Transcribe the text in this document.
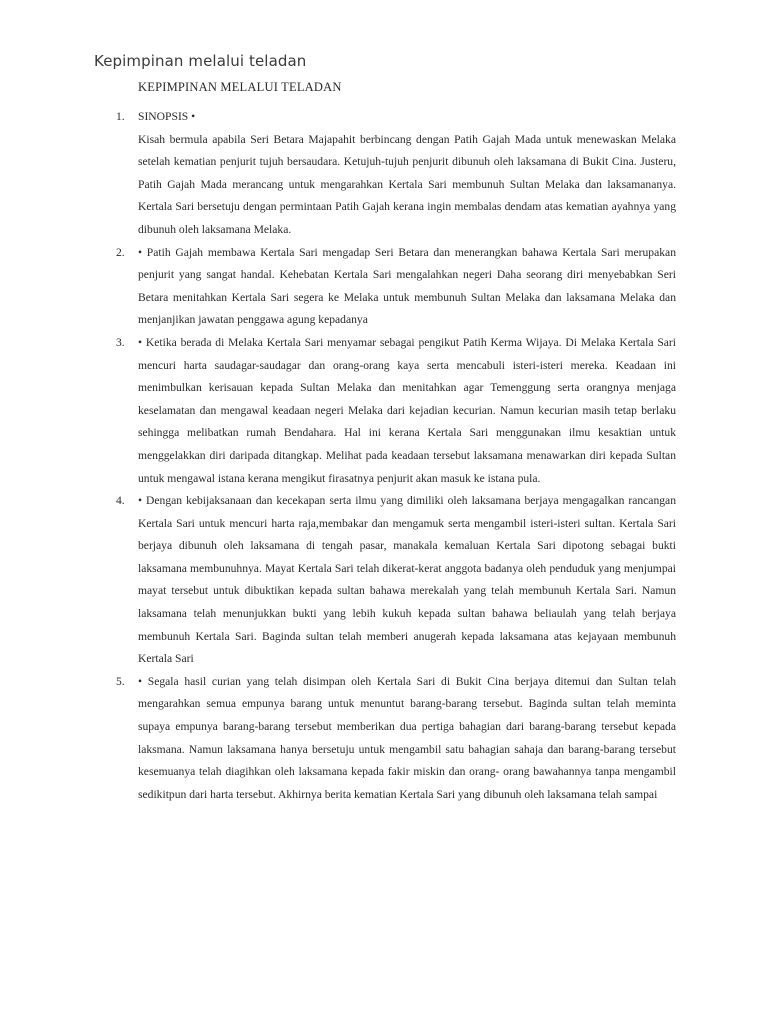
Kepimpinan melalui teladan
KEPIMPINAN MELALUI TELADAN
1.	SINOPSIS •
Kisah bermula apabila Seri Betara Majapahit berbincang dengan Patih Gajah Mada untuk menewaskan Melaka setelah kematian penjurit tujuh bersaudara. Ketujuh-tujuh penjurit dibunuh oleh laksamana di Bukit Cina. Justeru, Patih Gajah Mada merancang untuk mengarahkan Kertala Sari membunuh Sultan Melaka dan laksamananya. Kertala Sari bersetuju dengan permintaan Patih Gajah kerana ingin membalas dendam atas kematian ayahnya yang dibunuh oleh laksamana Melaka.
2.	• Patih Gajah membawa Kertala Sari mengadap Seri Betara dan menerangkan bahawa Kertala Sari merupakan penjurit yang sangat handal. Kehebatan Kertala Sari mengalahkan negeri Daha seorang diri menyebabkan Seri Betara menitahkan Kertala Sari segera ke Melaka untuk membunuh Sultan Melaka dan laksamana Melaka dan menjanjikan jawatan penggawa agung kepadanya
3.	• Ketika berada di Melaka Kertala Sari menyamar sebagai pengikut Patih Kerma Wijaya. Di Melaka Kertala Sari mencuri harta saudagar-saudagar dan orang-orang kaya serta mencabuli isteri-isteri mereka. Keadaan ini menimbulkan kerisauan kepada Sultan Melaka dan menitahkan agar Temenggung serta orangnya menjaga keselamatan dan mengawal keadaan negeri Melaka dari kejadian kecurian. Namun kecurian masih tetap berlaku sehingga melibatkan rumah Bendahara. Hal ini kerana Kertala Sari menggunakan ilmu kesaktian untuk menggelakkan diri daripada ditangkap. Melihat pada keadaan tersebut laksamana menawarkan diri kepada Sultan untuk mengawal istana kerana mengikut firasatnya penjurit akan masuk ke istana pula.
4.	• Dengan kebijaksanaan dan kecekapan serta ilmu yang dimiliki oleh laksamana berjaya mengagalkan rancangan Kertala Sari untuk mencuri harta raja,membakar dan mengamuk serta mengambil isteri-isteri sultan. Kertala Sari berjaya dibunuh oleh laksamana di tengah pasar, manakala kemaluan Kertala Sari dipotong sebagai bukti laksamana membunuhnya. Mayat Kertala Sari telah dikerat-kerat anggota badanya oleh penduduk yang menjumpai mayat tersebut untuk dibuktikan kepada sultan bahawa merekalah yang telah membunuh Kertala Sari. Namun laksamana telah menunjukkan bukti yang lebih kukuh kepada sultan bahawa beliaulah yang telah berjaya membunuh Kertala Sari. Baginda sultan telah memberi anugerah kepada laksamana atas kejayaan membunuh Kertala Sari
5.	• Segala hasil curian yang telah disimpan oleh Kertala Sari di Bukit Cina berjaya ditemui dan Sultan telah mengarahkan semua empunya barang untuk menuntut barang-barang tersebut. Baginda sultan telah meminta supaya empunya barang-barang tersebut memberikan dua pertiga bahagian dari barang-barang tersebut kepada laksmana. Namun laksamana hanya bersetuju untuk mengambil satu bahagian sahaja dan barang-barang tersebut kesemuanya telah diagihkan oleh laksamana kepada fakir miskin dan orang- orang bawahannya tanpa mengambil sedikitpun dari harta tersebut. Akhirnya berita kematian Kertala Sari yang dibunuh oleh laksamana telah sampai
